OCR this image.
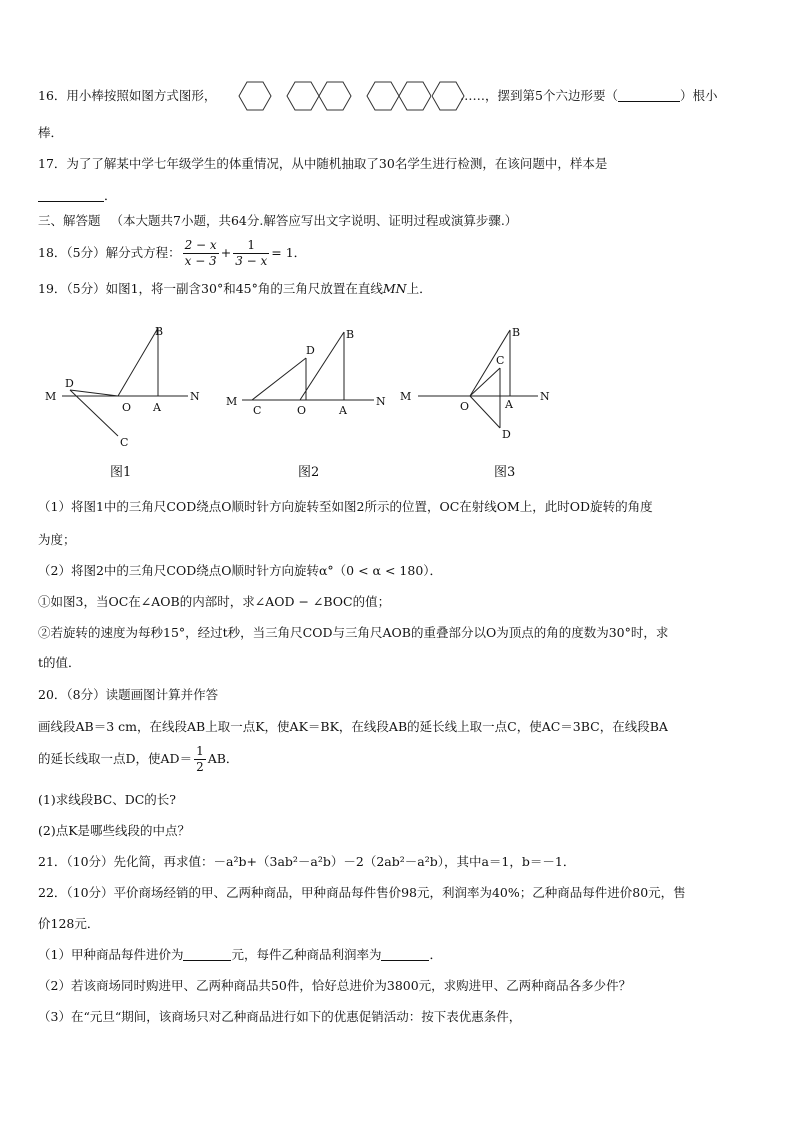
16．用小棒按照如图方式图形，	……，摆到第5个六边形要（	）根小
棒．
17．为了了解某中学七年级学生的体重情况，从中随机抽取了30名学生进行检测，在该问题中，样本是
．
三、解答题 （本大题共7小题，共64分.解答应写出文字说明、证明过程或演算步骤.）
18．（5分）解分式方程： $\frac{2 - x}{x - 3} + \frac{1}{3 - x} = 1$．
19．（5分）如图1，将一副含30°和45°角的三角尺放置在直线MN上．
M
D
B
O A
N
C
图1
M
D
B
C	O	A
N
图2
M
B
C
O	A
D
N
图3
（1）将图1中的三角尺COD绕点O顺时针方向旋转至如图2所示的位置，OC在射线OM上，此时OD旋转的角度
为度；
（2）将图2中的三角尺COD绕点O顺时针方向旋转α°（0 < α < 180）．
①如图3，当OC在∠AOB的内部时，求∠AOD − ∠BOC的值；
②若旋转的速度为每秒15°，经过t秒，当三角尺COD与三角尺AOB的重叠部分以O为顶点的角的度数为30°时，求
t的值．
20．（8分）读题画图计算并作答
画线段AB＝3 cm，在线段AB上取一点K，使AK＝BK，在线段AB的延长线上取一点C，使AC＝3BC，在线段BA
的延长线取一点D，使$AD= \frac{1}{2}$ AB．
(1)求线段BC、DC的长?
(2)点K是哪些线段的中点？
21．（10分）先化简，再求值：－a²b+（3ab²－a²b）－2（2ab²－a²b），其中a＝1，b＝－1．
22．（10分）平价商场经销的甲、乙两种商品，甲种商品每件售价98元，利润率为40%；乙种商品每件进价80元，售
价128元．
（1）甲种商品每件进价为	元，每件乙种商品利润率为	．
（2）若该商场同时购进甲、乙两种商品共50件，恰好总进价为3800元，求购进甲、乙两种商品各多少件？
（3）在“元旦“期间，该商场只对乙种商品进行如下的优惠促销活动：按下表优惠条件，
